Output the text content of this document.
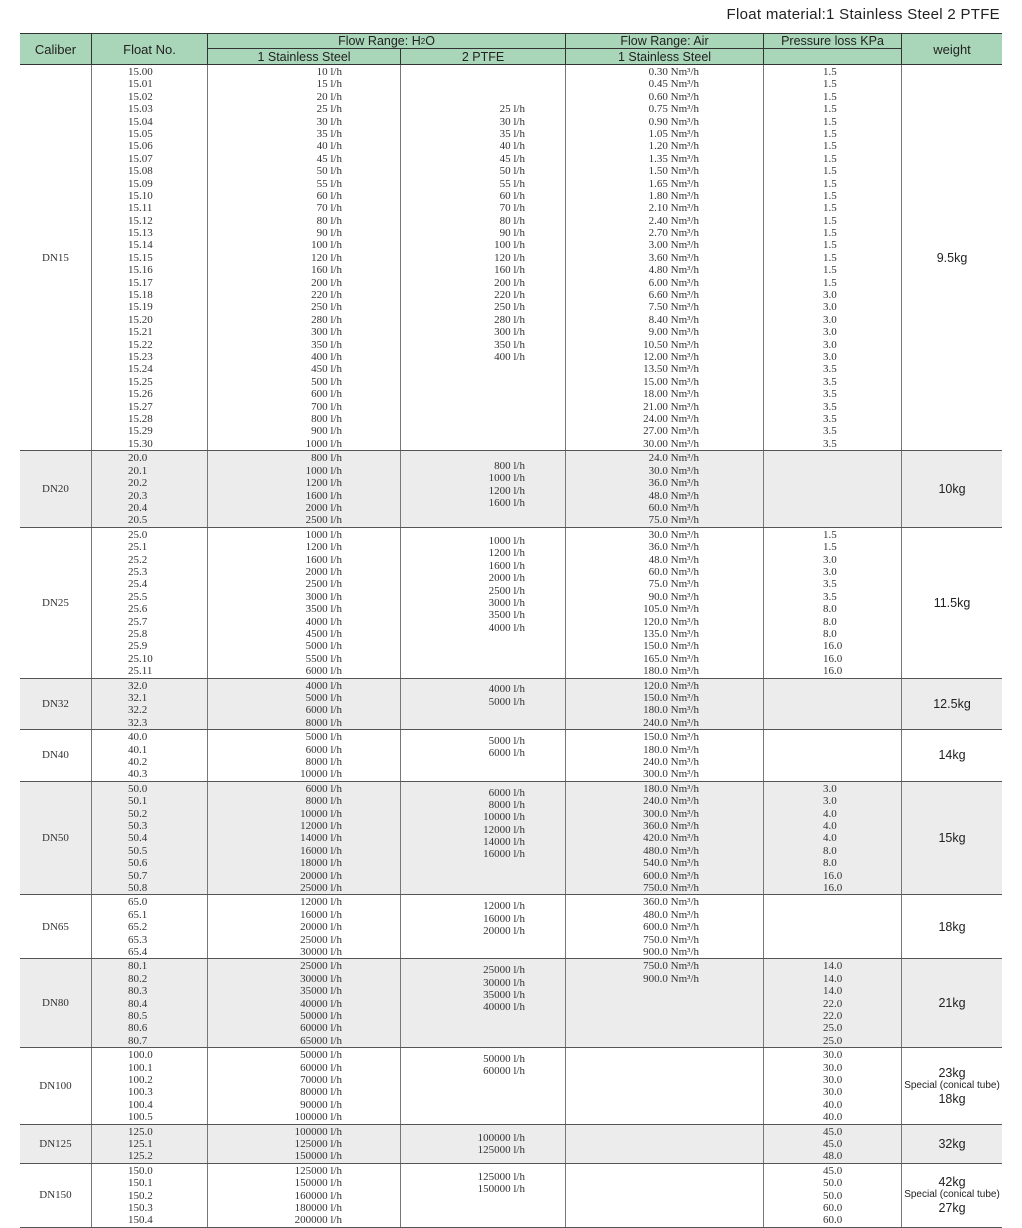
Float material:1 Stainless Steel 2 PTFE
Caliber	Float No.
Flow Range: H 2 O
1 Stainless Steel	2 PTFE
Flow Range: Air
1 Stainless Steel
Pressure loss KPa
weight
DN15
15.00
15.01
15.02
15.03
15.04
15.05
15.06
15.07
15.08
15.09
15.10
15.11
15.12
15.13
15.14
15.15
15.16
15.17
15.18
15.19
15.20
15.21
15.22
15.23
15.24
15.25
15.26
15.27
15.28
15.29
15.30
10 l/h
15 l/h
20 l/h
25 l/h
30 l/h
35 l/h
40 l/h
45 l/h
50 l/h
55 l/h
60 l/h
70 l/h
80 l/h
90 l/h
100 l/h
120 l/h
160 l/h
200 l/h
220 l/h
250 l/h
280 l/h
300 l/h
350 l/h
400 l/h
450 l/h
500 l/h
600 l/h
700 l/h
800 l/h
900 l/h
1000 l/h
25 l/h
30 l/h
35 l/h
40 l/h
45 l/h
50 l/h
55 l/h
60 l/h
70 l/h
80 l/h
90 l/h
100 l/h
120 l/h
160 l/h
200 l/h
220 l/h
250 l/h
280 l/h
300 l/h
350 l/h
400 l/h
0.30 Nm³/h
0.45 Nm³/h
0.60 Nm³/h
0.75 Nm³/h
0.90 Nm³/h
1.05 Nm³/h
1.20 Nm³/h
1.35 Nm³/h
1.50 Nm³/h
1.65 Nm³/h
1.80 Nm³/h
2.10 Nm³/h
2.40 Nm³/h
2.70 Nm³/h
3.00 Nm³/h
3.60 Nm³/h
4.80 Nm³/h
6.00 Nm³/h
6.60 Nm³/h
7.50 Nm³/h
8.40 Nm³/h
9.00 Nm³/h
10.50 Nm³/h
12.00 Nm³/h
13.50 Nm³/h
15.00 Nm³/h
18.00 Nm³/h
21.00 Nm³/h
24.00 Nm³/h
27.00 Nm³/h
30.00 Nm³/h
1.5
1.5
1.5
1.5
1.5
1.5
1.5
1.5
1.5
1.5
1.5
1.5
1.5
1.5
1.5
1.5
1.5
1.5
3.0
3.0
3.0
3.0
3.0
3.0
3.5
3.5
3.5
3.5
3.5
3.5
3.5
9.5kg
DN20
20.0
20.1
20.2
20.3
20.4
20.5
800 l/h
1000 l/h
1200 l/h
1600 l/h
2000 l/h
2500 l/h
800 l/h
1000 l/h
1200 l/h
1600 l/h
24.0 Nm³/h
30.0 Nm³/h
36.0 Nm³/h
48.0 Nm³/h
60.0 Nm³/h
75.0 Nm³/h
10kg
DN25
25.0
25.1
25.2
25.3
25.4
25.5
25.6
25.7
25.8
25.9
25.10
25.11
1000 l/h
1200 l/h
1600 l/h
2000 l/h
2500 l/h
3000 l/h
3500 l/h
4000 l/h
4500 l/h
5000 l/h
5500 l/h
6000 l/h
1000 l/h
1200 l/h
1600 l/h
2000 l/h
2500 l/h
3000 l/h
3500 l/h
4000 l/h
30.0 Nm³/h
36.0 Nm³/h
48.0 Nm³/h
60.0 Nm³/h
75.0 Nm³/h
90.0 Nm³/h
105.0 Nm³/h
120.0 Nm³/h
135.0 Nm³/h
150.0 Nm³/h
165.0 Nm³/h
180.0 Nm³/h
1.5
1.5
3.0
3.0
3.5
3.5
8.0
8.0
8.0
16.0
16.0
16.0
11.5kg
DN32
32.0
32.1
32.2
32.3
4000 l/h
5000 l/h
6000 l/h
8000 l/h
4000 l/h
5000 l/h
120.0 Nm³/h
150.0 Nm³/h
180.0 Nm³/h
240.0 Nm³/h
12.5kg
DN40
40.0
40.1
40.2
40.3
5000 l/h
6000 l/h
8000 l/h
10000 l/h
5000 l/h
6000 l/h
150.0 Nm³/h
180.0 Nm³/h
240.0 Nm³/h
300.0 Nm³/h
14kg
DN50
50.0
50.1
50.2
50.3
50.4
50.5
50.6
50.7
50.8
6000 l/h
8000 l/h
10000 l/h
12000 l/h
14000 l/h
16000 l/h
18000 l/h
20000 l/h
25000 l/h
6000 l/h
8000 l/h
10000 l/h
12000 l/h
14000 l/h
16000 l/h
180.0 Nm³/h
240.0 Nm³/h
300.0 Nm³/h
360.0 Nm³/h
420.0 Nm³/h
480.0 Nm³/h
540.0 Nm³/h
600.0 Nm³/h
750.0 Nm³/h
3.0
3.0
4.0
4.0
4.0
8.0
8.0
16.0
16.0
15kg
DN65
65.0
65.1
65.2
65.3
65.4
12000 l/h
16000 l/h
20000 l/h
25000 l/h
30000 l/h
12000 l/h
16000 l/h
20000 l/h
360.0 Nm³/h
480.0 Nm³/h
600.0 Nm³/h
750.0 Nm³/h
900.0 Nm³/h
18kg
DN80
80.1
80.2
80.3
80.4
80.5
80.6
80.7
25000 l/h
30000 l/h
35000 l/h
40000 l/h
50000 l/h
60000 l/h
65000 l/h
25000 l/h
30000 l/h
35000 l/h
40000 l/h
750.0 Nm³/h
900.0 Nm³/h
14.0
14.0
14.0
22.0
22.0
25.0
25.0
21kg
DN100
100.0
100.1
100.2
100.3
100.4
100.5
50000 l/h
60000 l/h
70000 l/h
80000 l/h
90000 l/h
100000 l/h
50000 l/h
60000 l/h
30.0
30.0
30.0
30.0
40.0
40.0
23kg
Special (conical tube)
18kg
DN125
125.0
125.1
125.2
100000 l/h
125000 l/h
150000 l/h
100000 l/h
125000 l/h
45.0
45.0
48.0
32kg
DN150
150.0
150.1
150.2
150.3
150.4
125000 l/h
150000 l/h
160000 l/h
180000 l/h
200000 l/h
125000 l/h
150000 l/h
45.0
50.0
50.0
60.0
60.0
42kg
Special (conical tube)
27kg
